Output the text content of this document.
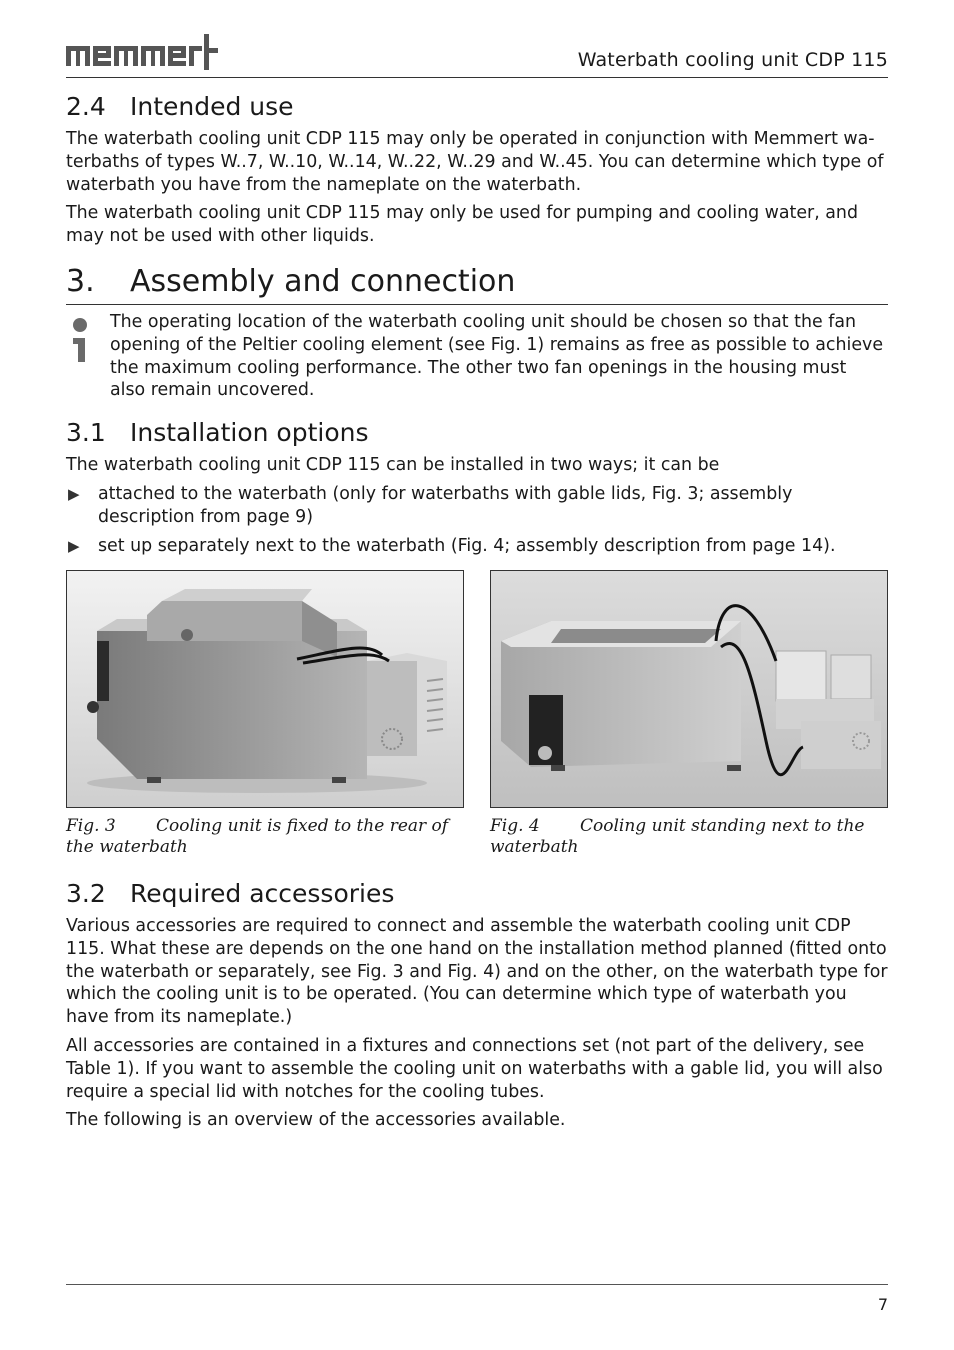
Waterbath cooling unit CDP 115
2.4 Intended use

The waterbath cooling unit CDP 115 may only be operated in conjunction with Memmert wa-terbaths of types W..7, W..10, W..14, W..22, W..29 and W..45. You can determine which type of waterbath you have from the nameplate on the waterbath.

The waterbath cooling unit CDP 115 may only be used for pumping and cooling water, and may not be used with other liquids.

3. Assembly and connection

The operating location of the waterbath cooling unit should be chosen so that the fan opening of the Peltier cooling element (see Fig. 1) remains as free as possible to achieve the maximum cooling performance. The other two fan openings in the housing must also remain uncovered.

3.1 Installation options

The waterbath cooling unit CDP 115 can be installed in two ways; it can be

▶ attached to the waterbath (only for waterbaths with gable lids, Fig. 3; assembly description from page 9)
▶ set up separately next to the waterbath (Fig. 4; assembly description from page 14).
Fig. 3 Cooling unit is fixed to the rear of the waterbath
Fig. 4 Cooling unit standing next to the waterbath
3.2 Required accessories

Various accessories are required to connect and assemble the waterbath cooling unit CDP 115. What these are depends on the one hand on the installation method planned (fitted onto the waterbath or separately, see Fig. 3 and Fig. 4) and on the other, on the waterbath type for which the cooling unit is to be operated. (You can determine which type of waterbath you have from its nameplate.)

All accessories are contained in a fixtures and connections set (not part of the delivery, see Table 1). If you want to assemble the cooling unit on waterbaths with a gable lid, you will also require a special lid with notches for the cooling tubes.

The following is an overview of the accessories available.

7
